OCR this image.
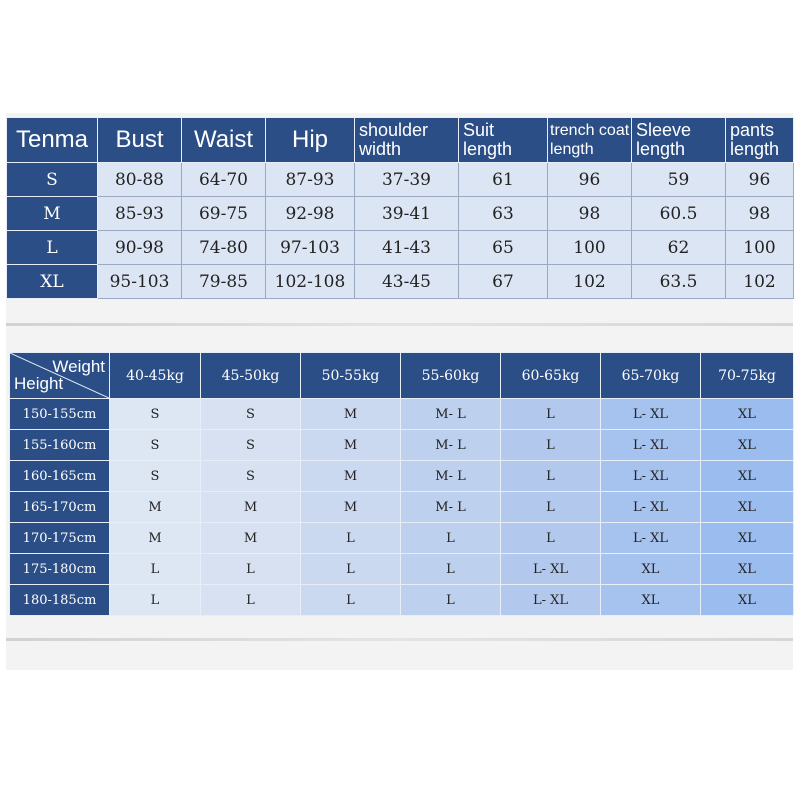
Tenma	Bust	Waist	Hip	shoulder width	Suit length	trench coat length	Sleeve length	pants length
S	80-88	64-70	87-93	37-39	61	96	59	96
M	85-93	69-75	92-98	39-41	63	98	60.5	98
L	90-98	74-80	97-103	41-43	65	100	62	100
XL	95-103	79-85	102-108	43-45	67	102	63.5	102
Weight
Height	40-45kg	45-50kg	50-55kg	55-60kg	60-65kg	65-70kg	70-75kg
150-155cm	S	S	M	M- L	L	L- XL	XL
155-160cm	S	S	M	M- L	L	L- XL	XL
160-165cm	S	S	M	M- L	L	L- XL	XL
165-170cm	M	M	M	M- L	L	L- XL	XL
170-175cm	M	M	L	L	L	L- XL	XL
175-180cm	L	L	L	L	L- XL	XL	XL
180-185cm	L	L	L	L	L- XL	XL	XL
